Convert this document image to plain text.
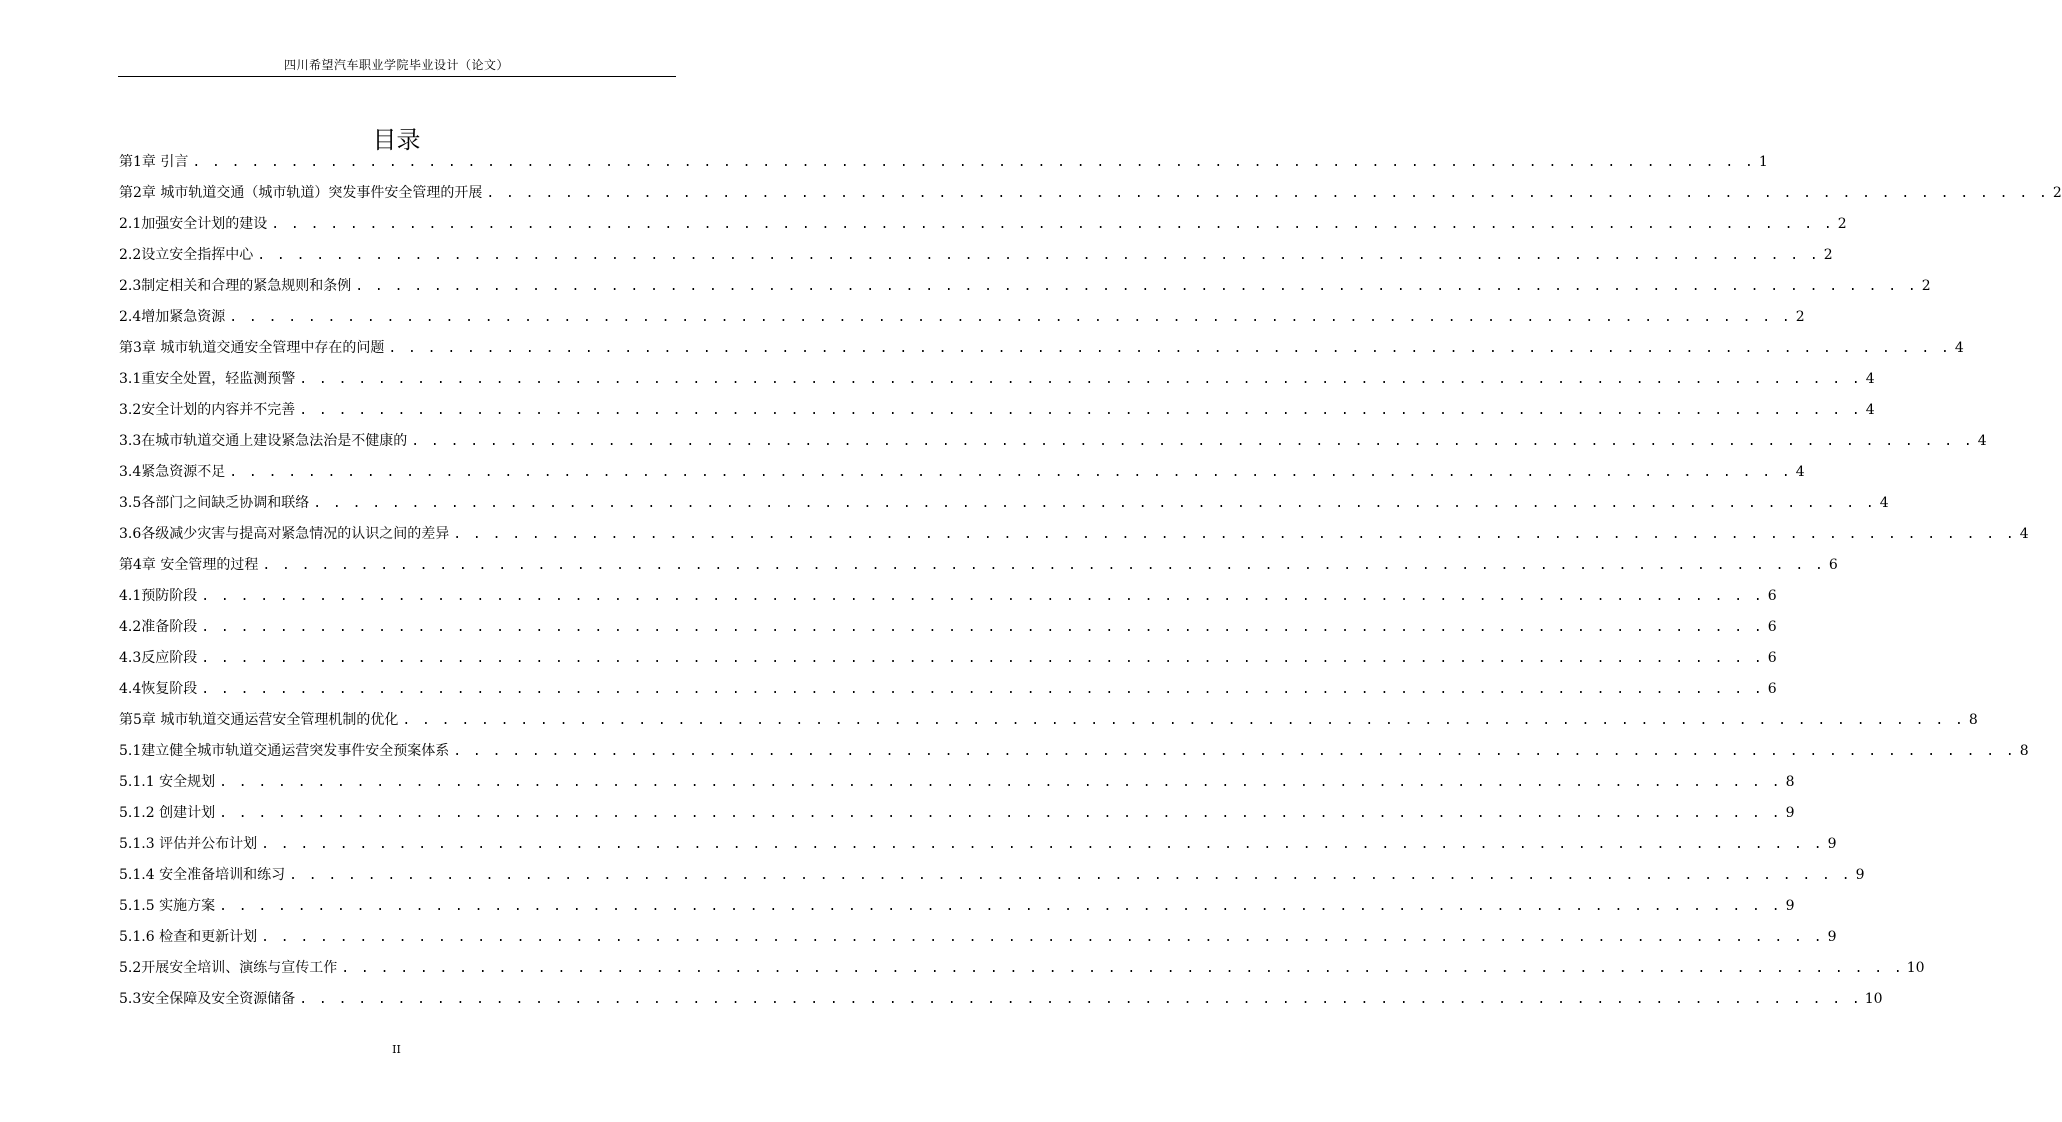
四川希望汽车职业学院毕业设计（论文）
目录
第1章 引言 . . . . . . . . . . . . . . . . . . . . . . . . . . . . . . . . . . . . . . . . . . . . . . . . . . . . . . . . . . . . . . . . . . . . . . . . . . . . . . . . 1
第2章 城市轨道交通（城市轨道）突发事件安全管理的开展 . . . . . . . . . . . . . . . . . . . . . . . . . . . . . . . . . . . . . . . . . . . . . . . . . . . . . . . . . . . . . . . . . . . . . . . . . . . . . . . . 2
2.1加强安全计划的建设 . . . . . . . . . . . . . . . . . . . . . . . . . . . . . . . . . . . . . . . . . . . . . . . . . . . . . . . . . . . . . . . . . . . . . . . . . . . . . . . . 2
2.2设立安全指挥中心 . . . . . . . . . . . . . . . . . . . . . . . . . . . . . . . . . . . . . . . . . . . . . . . . . . . . . . . . . . . . . . . . . . . . . . . . . . . . . . . . 2
2.3制定相关和合理的紧急规则和条例 . . . . . . . . . . . . . . . . . . . . . . . . . . . . . . . . . . . . . . . . . . . . . . . . . . . . . . . . . . . . . . . . . . . . . . . . . . . . . . . . 2
2.4增加紧急资源 . . . . . . . . . . . . . . . . . . . . . . . . . . . . . . . . . . . . . . . . . . . . . . . . . . . . . . . . . . . . . . . . . . . . . . . . . . . . . . . . 2
第3章 城市轨道交通安全管理中存在的问题 . . . . . . . . . . . . . . . . . . . . . . . . . . . . . . . . . . . . . . . . . . . . . . . . . . . . . . . . . . . . . . . . . . . . . . . . . . . . . . . . 4
3.1重安全处置，轻监测预警 . . . . . . . . . . . . . . . . . . . . . . . . . . . . . . . . . . . . . . . . . . . . . . . . . . . . . . . . . . . . . . . . . . . . . . . . . . . . . . . . 4
3.2安全计划的内容并不完善 . . . . . . . . . . . . . . . . . . . . . . . . . . . . . . . . . . . . . . . . . . . . . . . . . . . . . . . . . . . . . . . . . . . . . . . . . . . . . . . . 4
3.3在城市轨道交通上建设紧急法治是不健康的 . . . . . . . . . . . . . . . . . . . . . . . . . . . . . . . . . . . . . . . . . . . . . . . . . . . . . . . . . . . . . . . . . . . . . . . . . . . . . . . . 4
3.4紧急资源不足 . . . . . . . . . . . . . . . . . . . . . . . . . . . . . . . . . . . . . . . . . . . . . . . . . . . . . . . . . . . . . . . . . . . . . . . . . . . . . . . . 4
3.5各部门之间缺乏协调和联络 . . . . . . . . . . . . . . . . . . . . . . . . . . . . . . . . . . . . . . . . . . . . . . . . . . . . . . . . . . . . . . . . . . . . . . . . . . . . . . . . 4
3.6各级减少灾害与提高对紧急情况的认识之间的差异 . . . . . . . . . . . . . . . . . . . . . . . . . . . . . . . . . . . . . . . . . . . . . . . . . . . . . . . . . . . . . . . . . . . . . . . . . . . . . . . . 4
第4章 安全管理的过程 . . . . . . . . . . . . . . . . . . . . . . . . . . . . . . . . . . . . . . . . . . . . . . . . . . . . . . . . . . . . . . . . . . . . . . . . . . . . . . . . 6
4.1预防阶段 . . . . . . . . . . . . . . . . . . . . . . . . . . . . . . . . . . . . . . . . . . . . . . . . . . . . . . . . . . . . . . . . . . . . . . . . . . . . . . . . 6
4.2准备阶段 . . . . . . . . . . . . . . . . . . . . . . . . . . . . . . . . . . . . . . . . . . . . . . . . . . . . . . . . . . . . . . . . . . . . . . . . . . . . . . . . 6
4.3反应阶段 . . . . . . . . . . . . . . . . . . . . . . . . . . . . . . . . . . . . . . . . . . . . . . . . . . . . . . . . . . . . . . . . . . . . . . . . . . . . . . . . 6
4.4恢复阶段 . . . . . . . . . . . . . . . . . . . . . . . . . . . . . . . . . . . . . . . . . . . . . . . . . . . . . . . . . . . . . . . . . . . . . . . . . . . . . . . . 6
第5章 城市轨道交通运营安全管理机制的优化 . . . . . . . . . . . . . . . . . . . . . . . . . . . . . . . . . . . . . . . . . . . . . . . . . . . . . . . . . . . . . . . . . . . . . . . . . . . . . . . . 8
5.1建立健全城市轨道交通运营突发事件安全预案体系 . . . . . . . . . . . . . . . . . . . . . . . . . . . . . . . . . . . . . . . . . . . . . . . . . . . . . . . . . . . . . . . . . . . . . . . . . . . . . . . . 8
5.1.1 安全规划 . . . . . . . . . . . . . . . . . . . . . . . . . . . . . . . . . . . . . . . . . . . . . . . . . . . . . . . . . . . . . . . . . . . . . . . . . . . . . . . . 8
5.1.2 创建计划 . . . . . . . . . . . . . . . . . . . . . . . . . . . . . . . . . . . . . . . . . . . . . . . . . . . . . . . . . . . . . . . . . . . . . . . . . . . . . . . . 9
5.1.3 评估并公布计划 . . . . . . . . . . . . . . . . . . . . . . . . . . . . . . . . . . . . . . . . . . . . . . . . . . . . . . . . . . . . . . . . . . . . . . . . . . . . . . . . 9
5.1.4 安全准备培训和练习 . . . . . . . . . . . . . . . . . . . . . . . . . . . . . . . . . . . . . . . . . . . . . . . . . . . . . . . . . . . . . . . . . . . . . . . . . . . . . . . . 9
5.1.5 实施方案 . . . . . . . . . . . . . . . . . . . . . . . . . . . . . . . . . . . . . . . . . . . . . . . . . . . . . . . . . . . . . . . . . . . . . . . . . . . . . . . . 9
5.1.6 检查和更新计划 . . . . . . . . . . . . . . . . . . . . . . . . . . . . . . . . . . . . . . . . . . . . . . . . . . . . . . . . . . . . . . . . . . . . . . . . . . . . . . . . 9
5.2开展安全培训、演练与宣传工作 . . . . . . . . . . . . . . . . . . . . . . . . . . . . . . . . . . . . . . . . . . . . . . . . . . . . . . . . . . . . . . . . . . . . . . . . . . . . . . . . 10
5.3安全保障及安全资源储备 . . . . . . . . . . . . . . . . . . . . . . . . . . . . . . . . . . . . . . . . . . . . . . . . . . . . . . . . . . . . . . . . . . . . . . . . . . . . . . . . 10
II
